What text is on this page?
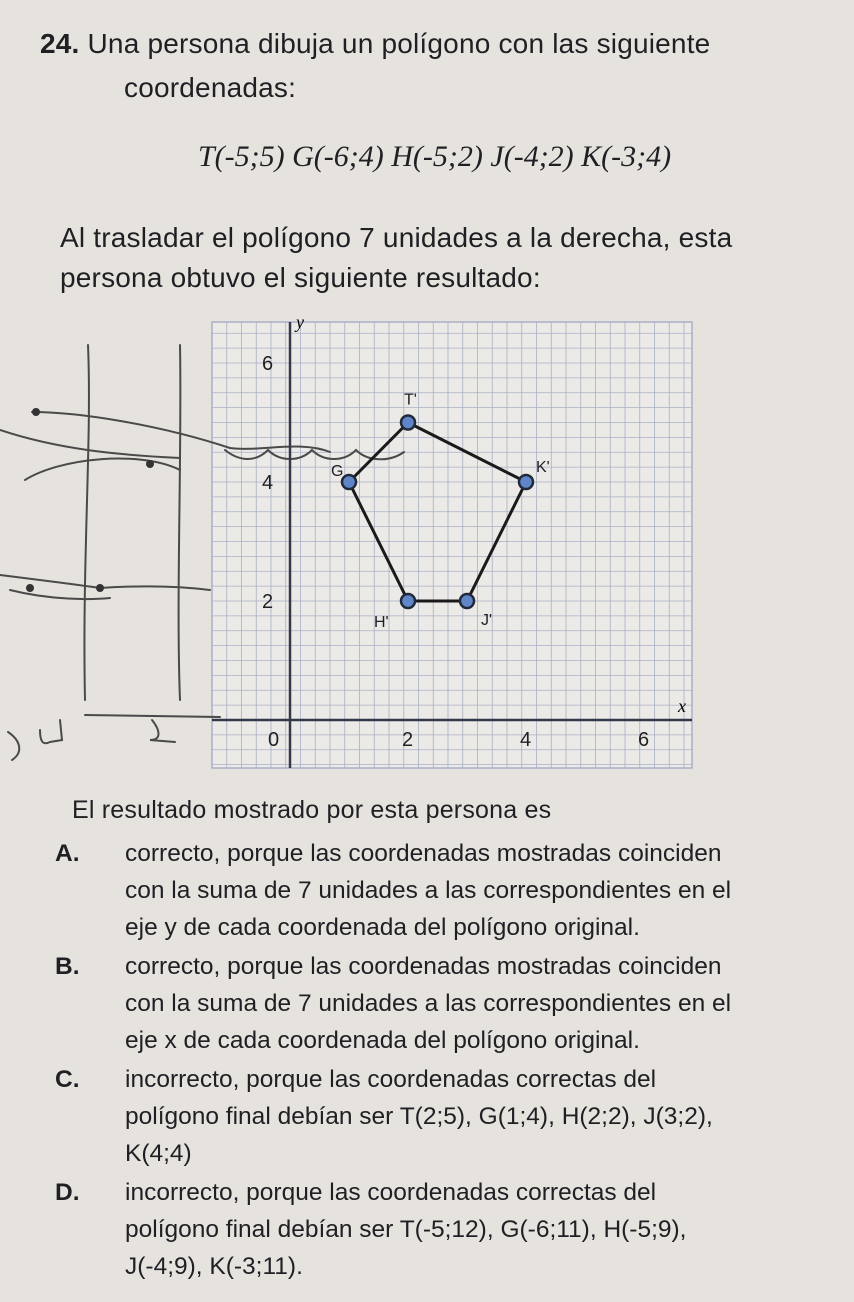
24. Una persona dibuja un polígono con las siguiente
coordenadas:
T(-5;5) G(-6;4) H(-5;2) J(-4;2) K(-3;4)
Al trasladar el polígono 7 unidades a la derecha, esta
persona obtuvo el siguiente resultado:
y
x
6
4
2
0	2	4	6
T'
G
H'	J'
K'
El resultado mostrado por esta persona es
A. correcto, porque las coordenadas mostradas coinciden
con la suma de 7 unidades a las correspondientes en el
eje y de cada coordenada del polígono original.
B. correcto, porque las coordenadas mostradas coinciden
con la suma de 7 unidades a las correspondientes en el
eje x de cada coordenada del polígono original.
C. incorrecto, porque las coordenadas correctas del
polígono final debían ser T(2;5), G(1;4), H(2;2), J(3;2),
K(4;4)
D. incorrecto, porque las coordenadas correctas del
polígono final debían ser T(-5;12), G(-6;11), H(-5;9),
J(-4;9), K(-3;11).
